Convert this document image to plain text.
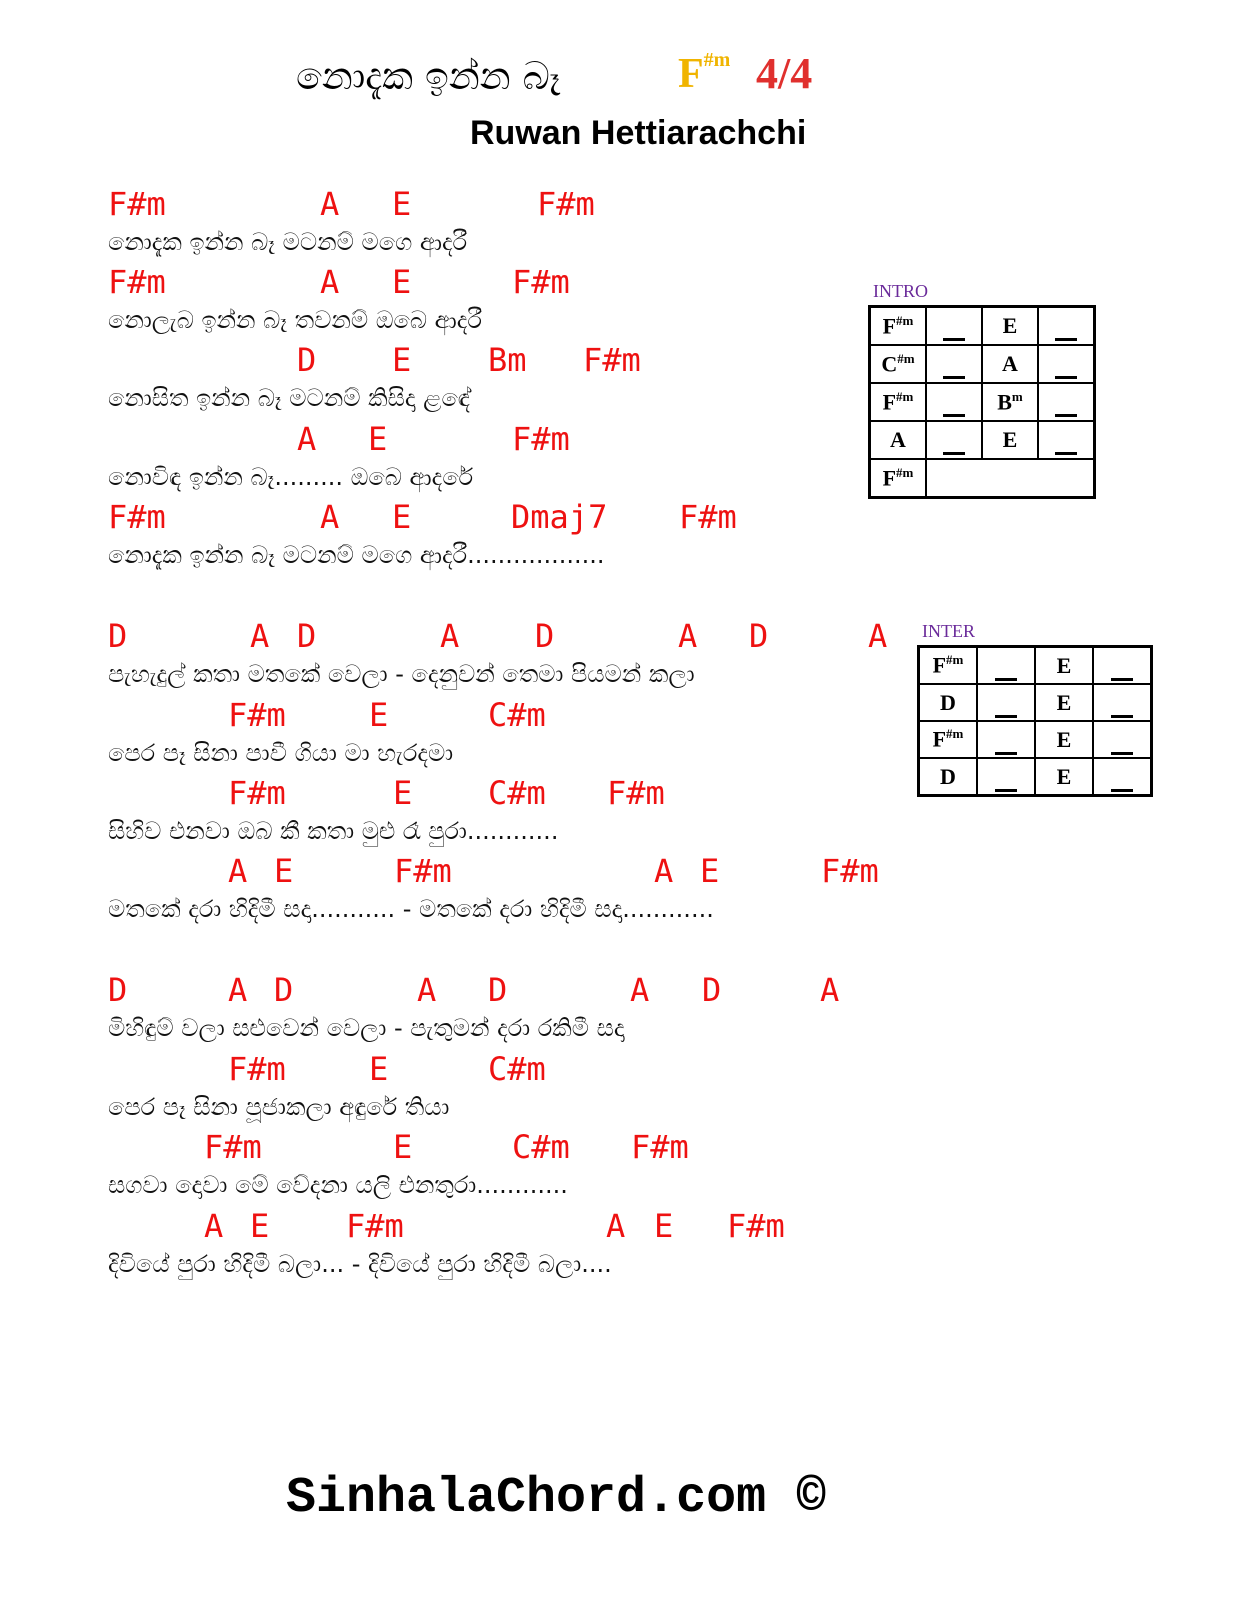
නොදැක ඉන්න බෑ	$F^{\#m}$ 4/4
Ruwan Hettiarachchi
F#m	A E	F#m
නොදැක ඉන්න බෑ මටනම් මගෙ ආදරී
F#m	A E	F#m
නොලැබ ඉන්න බෑ තවනම් ඔබෙ ආදරී
D E Bm F#m
නොසිත ඉන්න බෑ මටනම් කිසිදා ළඳේ
A E	F#m
නොවිඳ ඉන්න බෑ......... ඔබෙ ආදරේ
F#m	A E	Dmaj7 F#m
නොදැක ඉන්න බෑ මටනම් මගෙ ආදරී..................
D	A D	A D	A D	A
පැහැදුල් කතා මතකේ වෙලා - දෙනුවන් තෙමා පියමන් කලා
F#m	E	C#m
පෙර පෑ සිනා පාවී ගියා මා හැරදමා
F#m	E C#m F#m
සිහිව එනවා ඔබ කී කතා මුළු රෑ පුරා............
A E	F#m	A E	F#m
මතකේ දරා හිදිමී සදා........... - මතකේ දරා හිදිමී සදා............
D	A D	A D	A D	A
මිහිඳුම් වලා සළුවෙන් වෙලා - පැතුමන් දරා රකිමී සදා
F#m	E	C#m
පෙර පෑ සිනා පූජාකලා අඳුරේ තියා
F#m	E	C#m F#m
සගවා දොවා මේ වේදනා යලි එනතුරා............
A E F#m	A E F#m
දිවියේ පුරා හිදිමී බලා... - දිවියේ පුරා හිදිමී බලා....
INTRO
$F^{\#m}$		E	
$C^{\#m}$		A	
$F^{\#m}$		$B^m$	
A		E	
$F^{\#m}$			
INTER
$F^{\#m}$		E	
D		E	
$F^{\#m}$		E	
D		E	
SinhalaChord.com ©
